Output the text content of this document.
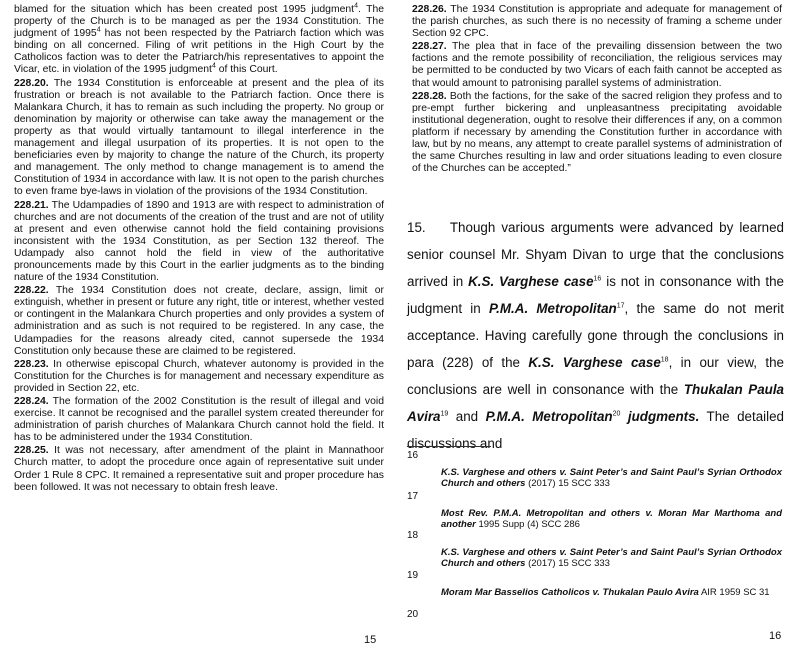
blamed for the situation which has been created post 1995 judgment$^4$. The property of the Church is to be managed as per the 1934 Constitution. The judgment of 1995$^4$ has not been respected by the Patriarch faction which was binding on all concerned. Filing of writ petitions in the High Court by the Catholicos faction was to deter the Patriarch/his representatives to appoint the Vicar, etc. in violation of the 1995 judgment$^4$ of this Court.

228.20. The 1934 Constitution is enforceable at present and the plea of its frustration or breach is not available to the Patriarch faction. Once there is Malankara Church, it has to remain as such including the property. No group or denomination by majority or otherwise can take away the management or the property as that would virtually tantamount to illegal interference in the management and illegal usurpation of its properties. It is not open to the beneficiaries even by majority to change the nature of the Church, its property and management. The only method to change management is to amend the Constitution of 1934 in accordance with law. It is not open to the parish churches to even frame bye-laws in violation of the provisions of the 1934 Constitution.

228.21. The Udampadies of 1890 and 1913 are with respect to administration of churches and are not documents of the creation of the trust and are not of utility at present and even otherwise cannot hold the field containing provisions inconsistent with the 1934 Constitution, as per Section 132 thereof. The Udampady also cannot hold the field in view of the authoritative pronouncements made by this Court in the earlier judgments as to the binding nature of the 1934 Constitution.

228.22. The 1934 Constitution does not create, declare, assign, limit or extinguish, whether in present or future any right, title or interest, whether vested or contingent in the Malankara Church properties and only provides a system of administration and as such is not required to be registered. In any case, the Udampadies for the reasons already cited, cannot supersede the 1934 Constitution only because these are claimed to be registered.

228.23. In otherwise episcopal Church, whatever autonomy is provided in the Constitution for the Churches is for management and necessary expenditure as provided in Section 22, etc.

228.24. The formation of the 2002 Constitution is the result of illegal and void exercise. It cannot be recognised and the parallel system created thereunder for administration of parish churches of Malankara Church cannot hold the field. It has to be administered under the 1934 Constitution.

228.25. It was not necessary, after amendment of the plaint in Mannathoor Church matter, to adopt the procedure once again of representative suit under Order 1 Rule 8 CPC. It remained a representative suit and proper procedure has been followed. It was not necessary to obtain fresh leave.

15

228.26. The 1934 Constitution is appropriate and adequate for management of the parish churches, as such there is no necessity of framing a scheme under Section 92 CPC.

228.27. The plea that in face of the prevailing dissension between the two factions and the remote possibility of reconciliation, the religious services may be permitted to be conducted by two Vicars of each faith cannot be accepted as that would amount to patronising parallel systems of administration.

228.28. Both the factions, for the sake of the sacred religion they profess and to pre-empt further bickering and unpleasantness precipitating avoidable institutional degeneration, ought to resolve their differences if any, on a common platform if necessary by amending the Constitution further in accordance with law, but by no means, any attempt to create parallel systems of administration of the same Churches resulting in law and order situations leading to even closure of the Churches can be accepted.”

15. Though various arguments were advanced by learned senior counsel Mr. Shyam Divan to urge that the conclusions arrived in K.S. Varghese case$^{16}$ is not in consonance with the judgment in P.M.A. Metropolitan$^{17}$, the same do not merit acceptance. Having carefully gone through the conclusions in para (228) of the K.S. Varghese case$^{18}$, in our view, the conclusions are well in consonance with the Thukalan Paula Avira$^{19}$ and P.M.A. Metropolitan$^{20}$ judgments. The detailed discussions and
16
K.S. Varghese and others v. Saint Peter’s and Saint Paul’s Syrian Orthodox Church and others (2017) 15 SCC 333
17
Most Rev. P.M.A. Metropolitan and others v. Moran Mar Marthoma and another 1995 Supp (4) SCC 286
18
K.S. Varghese and others v. Saint Peter’s and Saint Paul’s Syrian Orthodox Church and others (2017) 15 SCC 333
19
Moram Mar Basselios Catholicos v. Thukalan Paulo Avira AIR 1959 SC 31
20
16
